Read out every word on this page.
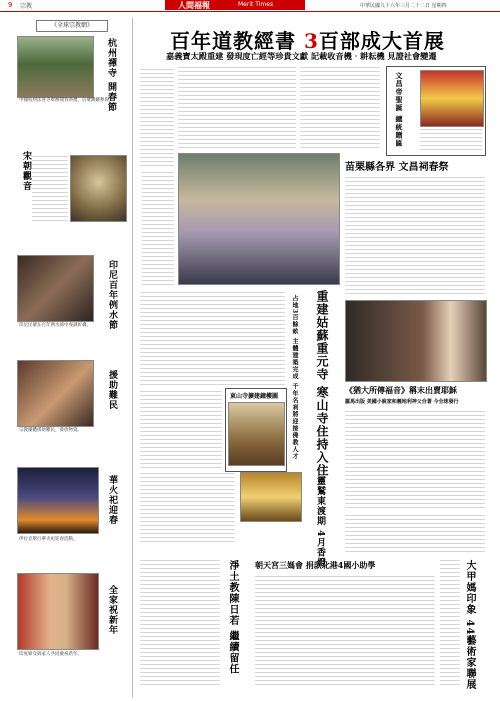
9 宗教	人間福報	Merit Times	中華民國九十六年三月二十二日 星期四
《全球宗教網》
杭州禪寺 開春節
中國杭州法喜寺舉辦開春典禮，信眾踴躍參與。
宋朝觀音
印尼百年例水節
印尼民眾在百年例水節中虔誠祈禱。
援助難民
宗教團體援助難民，發放物資。
華火祀迎春
伊拉克舉行華火祀迎春活動。
全家祝新年
印度婦女與家人共同慶祝新年。
百年道教經書 3百部成大首展
嘉義寶太殿重建 發現度亡經等珍貴文獻 記載收音機‧耕耘機 見證社會變遷
文昌帝聖誕 總統贈匾
苗栗縣各界 文昌祠春祭
重建姑蘇重元寺 寒山寺住持入住
占地3百餘畝 主體建築完成 千年名剎將迎接佛教人才
東山寺擴建鐘樓圖
《猶大所傳福音》稱末出賣耶穌
羅馬出版 美國小說家和義地利神父合著 今全球發行
靈鷲東渡期 4月香燈
朝天宮三媽會 捐款北港4國小助學
淨土教陳日若 繼續留任	大甲媽印象 44藝術家聯展
